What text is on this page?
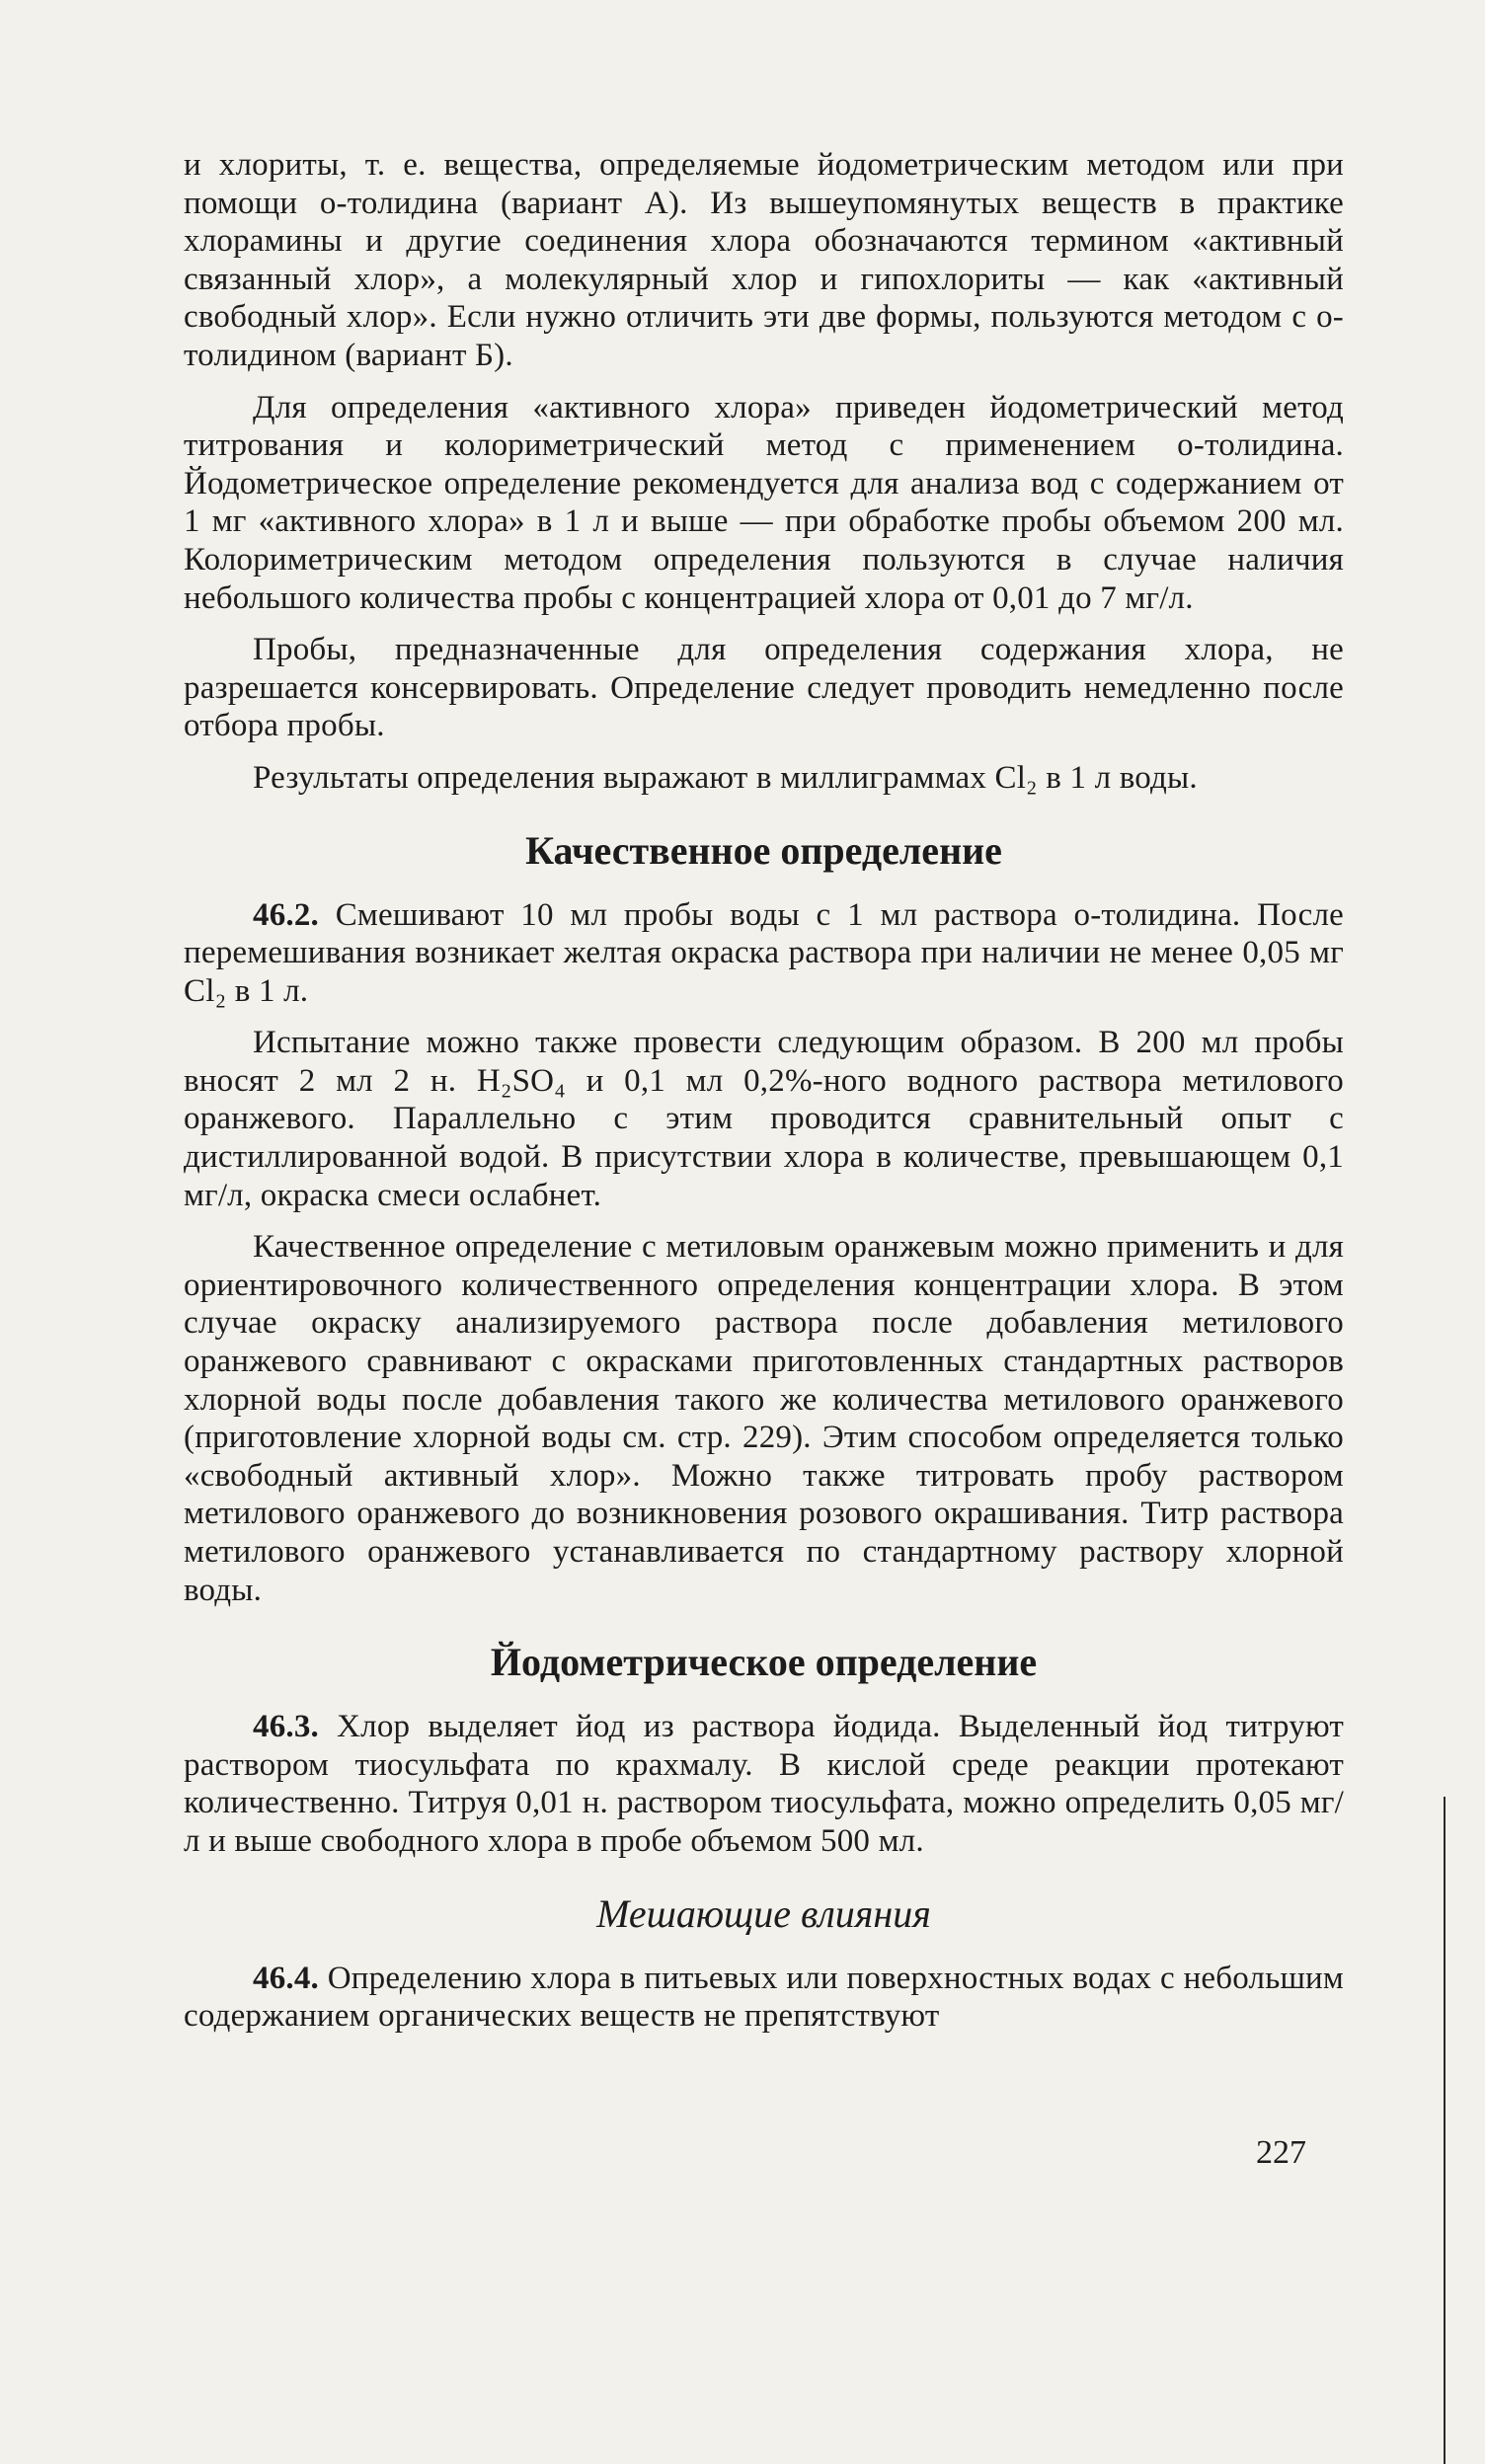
и хлориты, т. е. вещества, определяемые йодометрическим методом или при помощи о-толидина (вариант А). Из вышеупомянутых веществ в практике хлорамины и другие соединения хлора обозначаются термином «активный связанный хлор», а молекулярный хлор и гипохлориты — как «активный свободный хлор». Если нужно отличить эти две формы, пользуются методом с о-толидином (вариант Б).

Для определения «активного хлора» приведен йодометрический метод титрования и колориметрический метод с применением о-толидина. Йодометрическое определение рекомендуется для анализа вод с содержанием от 1 мг «активного хлора» в 1 л и выше — при обработке пробы объемом 200 мл. Колориметрическим методом определения пользуются в случае наличия небольшого количества пробы с концентрацией хлора от 0,01 до 7 мг/л.

Пробы, предназначенные для определения содержания хлора, не разрешается консервировать. Определение следует проводить немедленно после отбора пробы.

Результаты определения выражают в миллиграммах Cl₂ в 1 л воды.

Качественное определение

46.2. Смешивают 10 мл пробы воды с 1 мл раствора о-толидина. После перемешивания возникает желтая окраска раствора при наличии не менее 0,05 мг Cl₂ в 1 л.

Испытание можно также провести следующим образом. В 200 мл пробы вносят 2 мл 2 н. H₂SO₄ и 0,1 мл 0,2%-ного водного раствора метилового оранжевого. Параллельно с этим проводится сравнительный опыт с дистиллированной водой. В присутствии хлора в количестве, превышающем 0,1 мг/л, окраска смеси ослабнет.

Качественное определение с метиловым оранжевым можно применить и для ориентировочного количественного определения концентрации хлора. В этом случае окраску анализируемого раствора после добавления метилового оранжевого сравнивают с окрасками приготовленных стандартных растворов хлорной воды после добавления такого же количества метилового оранжевого (приготовление хлорной воды см. стр. 229). Этим способом определяется только «свободный активный хлор». Можно также титровать пробу раствором метилового оранжевого до возникновения розового окрашивания. Титр раствора метилового оранжевого устанавливается по стандартному раствору хлорной воды.

Йодометрическое определение

46.3. Хлор выделяет йод из раствора йодида. Выделенный йод титруют раствором тиосульфата по крахмалу. В кислой среде реакции протекают количественно. Титруя 0,01 н. раствором тиосульфата, можно определить 0,05 мг/л и выше свободного хлора в пробе объемом 500 мл.

Мешающие влияния

46.4. Определению хлора в питьевых или поверхностных водах с небольшим содержанием органических веществ не препятствуют

227
